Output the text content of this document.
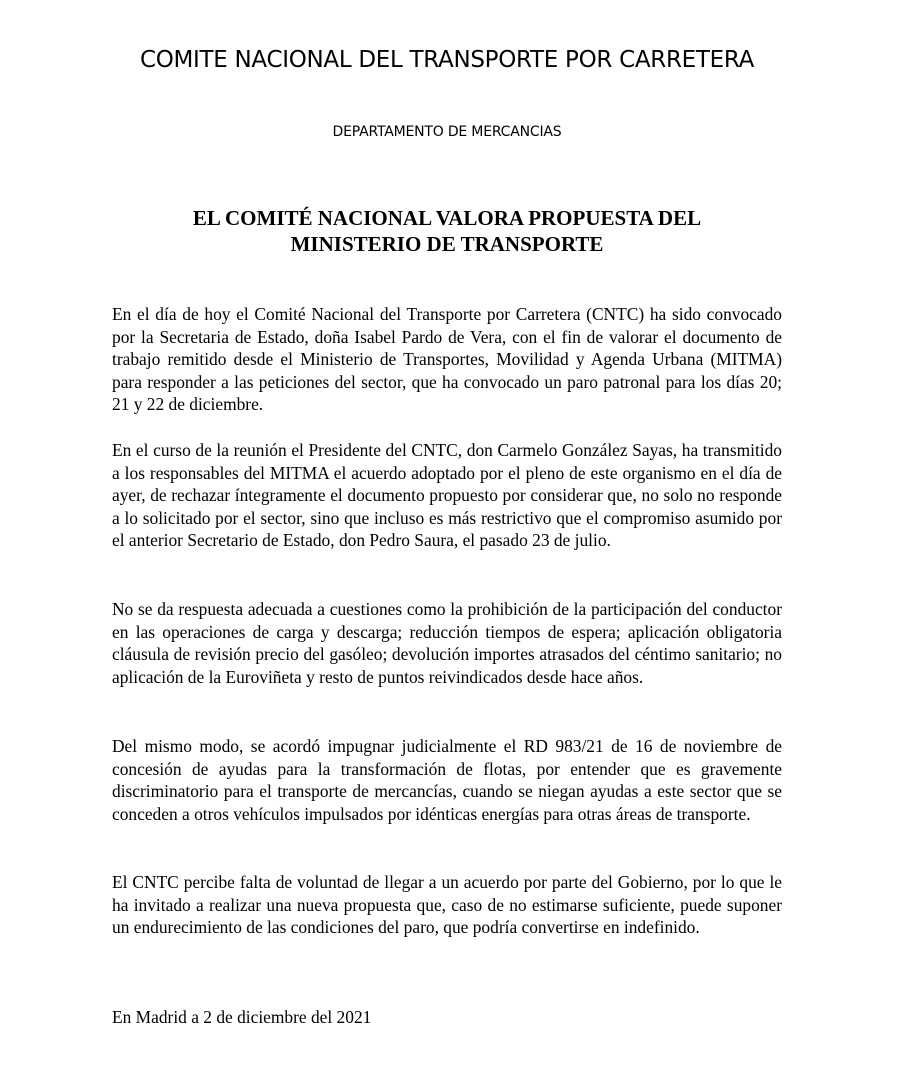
COMITE NACIONAL DEL TRANSPORTE POR CARRETERA
DEPARTAMENTO DE MERCANCIAS
EL COMITÉ NACIONAL VALORA PROPUESTA DEL MINISTERIO DE TRANSPORTE

En el día de hoy el Comité Nacional del Transporte por Carretera (CNTC) ha sido convocado por la Secretaria de Estado, doña Isabel Pardo de Vera, con el fin de valorar el documento de trabajo remitido desde el Ministerio de Transportes, Movilidad y Agenda Urbana (MITMA) para responder a las peticiones del sector, que ha convocado un paro patronal para los días 20; 21 y 22 de diciembre.

En el curso de la reunión el Presidente del CNTC, don Carmelo González Sayas, ha transmitido a los responsables del MITMA el acuerdo adoptado por el pleno de este organismo en el día de ayer, de rechazar íntegramente el documento propuesto por considerar que, no solo no responde a lo solicitado por el sector, sino que incluso es más restrictivo que el compromiso asumido por el anterior Secretario de Estado, don Pedro Saura, el pasado 23 de julio.

No se da respuesta adecuada a cuestiones como la prohibición de la participación del conductor en las operaciones de carga y descarga; reducción tiempos de espera; aplicación obligatoria cláusula de revisión precio del gasóleo; devolución importes atrasados del céntimo sanitario; no aplicación de la Euroviñeta y resto de puntos reivindicados desde hace años.

Del mismo modo, se acordó impugnar judicialmente el RD 983/21 de 16 de noviembre de concesión de ayudas para la transformación de flotas, por entender que es gravemente discriminatorio para el transporte de mercancías, cuando se niegan ayudas a este sector que se conceden a otros vehículos impulsados por idénticas energías para otras áreas de transporte.

El CNTC percibe falta de voluntad de llegar a un acuerdo por parte del Gobierno, por lo que le ha invitado a realizar una nueva propuesta que, caso de no estimarse suficiente, puede suponer un endurecimiento de las condiciones del paro, que podría convertirse en indefinido.

En Madrid a 2 de diciembre del 2021
